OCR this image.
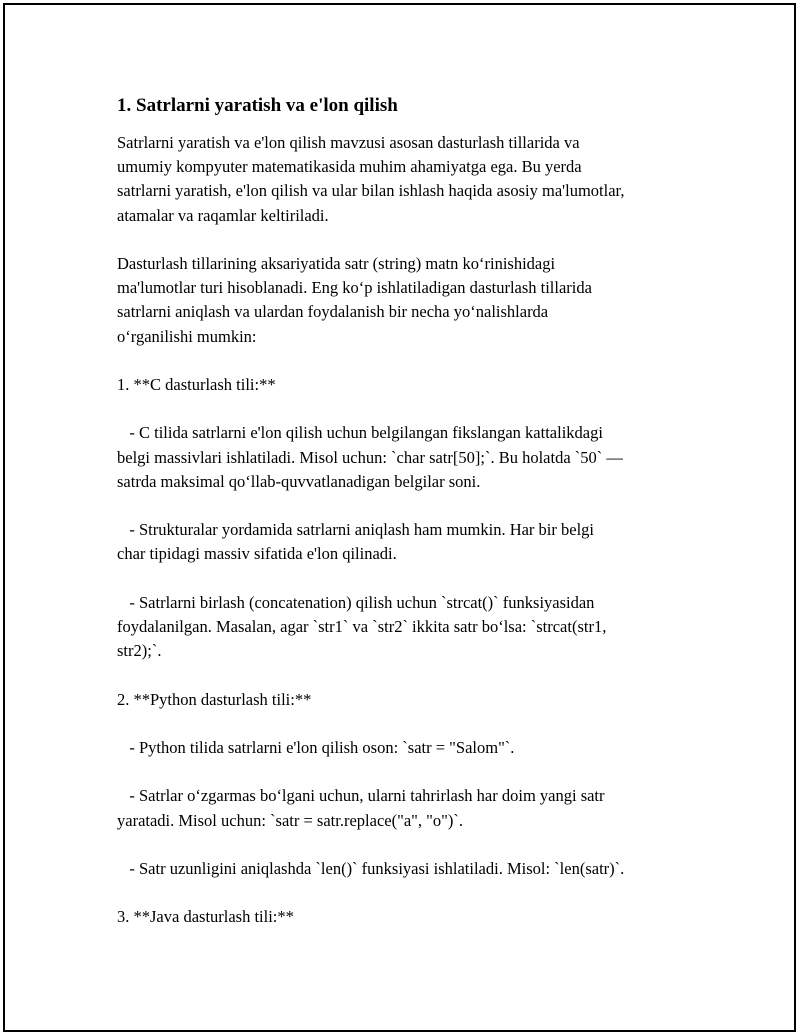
1. Satrlarni yaratish va e'lon qilish
Satrlarni yaratish va e'lon qilish mavzusi asosan dasturlash tillarida va
umumiy kompyuter matematikasida muhim ahamiyatga ega. Bu yerda
satrlarni yaratish, e'lon qilish va ular bilan ishlash haqida asosiy ma'lumotlar,
atamalar va raqamlar keltiriladi.
Dasturlash tillarining aksariyatida satr (string) matn koʻrinishidagi
ma'lumotlar turi hisoblanadi. Eng koʻp ishlatiladigan dasturlash tillarida
satrlarni aniqlash va ulardan foydalanish bir necha yoʻnalishlarda
oʻrganilishi mumkin:
1. **C dasturlash tili:**
- C tilida satrlarni e'lon qilish uchun belgilangan fikslangan kattalikdagi
belgi massivlari ishlatiladi. Misol uchun: `char satr[50];`. Bu holatda `50` —
satrda maksimal qoʻllab-quvvatlanadigan belgilar soni.
- Strukturalar yordamida satrlarni aniqlash ham mumkin. Har bir belgi
char tipidagi massiv sifatida e'lon qilinadi.
- Satrlarni birlash (concatenation) qilish uchun `strcat()` funksiyasidan
foydalanilgan. Masalan, agar `str1` va `str2` ikkita satr boʻlsa: `strcat(str1,
str2);`.
2. **Python dasturlash tili:**
- Python tilida satrlarni e'lon qilish oson: `satr = "Salom"`.
- Satrlar oʻzgarmas boʻlgani uchun, ularni tahrirlash har doim yangi satr
yaratadi. Misol uchun: `satr = satr.replace("a", "o")`.
- Satr uzunligini aniqlashda `len()` funksiyasi ishlatiladi. Misol: `len(satr)`.
3. **Java dasturlash tili:**
